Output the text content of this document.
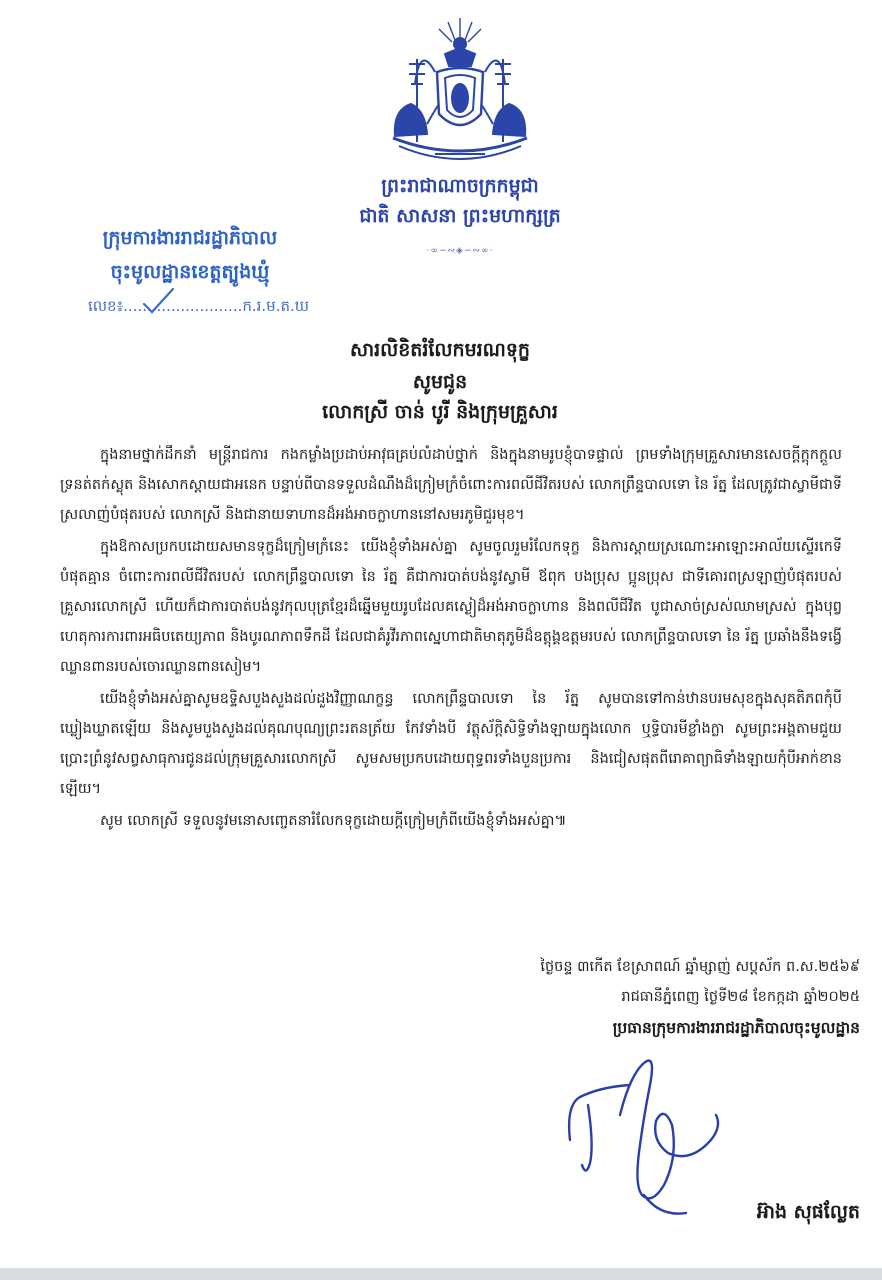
ព្រះរាជាណាចក្រកម្ពុជា
ជាតិ សាសនា ព្រះមហាក្សត្រ
·∞∽∾◈∽∾∞·
ក្រុមការងាររាជរដ្ឋាភិបាល
ចុះមូលដ្ឋានខេត្តត្បូងឃ្មុំ
លេខ៖.........................ក.រ.ម.ត.ឃ
សារលិខិតរំលែកមរណទុក្ខ
សូមជូន
លោកស្រី ចាន់ បូរី និងក្រុមគ្រួសារ

ក្នុងនាមថ្នាក់ដឹកនាំ មន្ត្រីរាជការ កងកម្លាំងប្រដាប់អាវុធគ្រប់លំដាប់ថ្នាក់ និងក្នុងនាមរូបខ្ញុំបាទផ្ទាល់ ព្រមទាំងក្រុមគ្រួសារមានសេចក្តីក្តុកក្តួល ទ្រនត់តក់ស្លុត និងសោកស្តាយជាអនេក បន្ទាប់ពីបានទទួលដំណឹងដ៏ក្រៀមក្រំចំពោះការពលីជីវិតរបស់ លោកព្រឹន្ទបាលទោ នៃ រ័ត្ន ដែលត្រូវជាស្វាមីជាទីស្រលាញ់បំផុតរបស់ លោកស្រី និងជានាយទាហានដ៏អង់អាចក្លាហាននៅសមរភូមិជួរមុខ។

ក្នុងឱកាសប្រកបដោយសមានទុក្ខដ៏ក្រៀមក្រំនេះ យើងខ្ញុំទាំងអស់គ្នា សូមចូលរួមរំលែកទុក្ខ និងការស្តាយស្រណោះអាឡោះអាល័យស្ទើរកេទីបំផុតគ្មាន ចំពោះការពលីជីវិតរបស់ លោកព្រឹន្ទបាលទោ នៃ រ័ត្ន គឺជាការបាត់បង់នូវស្វាមី ឪពុក បងប្រុស ប្អូនប្រុស ជាទីគោរពស្រឡាញ់បំផុតរបស់គ្រួសារលោកស្រី ហើយក៏ជាការបាត់បង់នូវកុលបុត្រខ្មែរដ៏ឆ្នើមមួយរូបដែលគស្ងៀដ៏អង់អាចក្លាហាន និងពលីជីវិត បូជាសាច់ស្រស់ឈាមស្រស់ ក្នុងបុព្វហេតុការការពារអធិបតេយ្យភាព និងបូរណភាពទឹកដី ដែលជាគំរូវីរភាពស្នេហាជាតិមាតុភូមិដ៏ឧត្តុង្គឧត្តមរបស់ លោកព្រឹន្ទបាលទោ នៃ រ័ត្ន ប្រឆាំងនឹងទង្វើឈ្លានពានរបស់ចោរឈ្លានពានសៀម។

យើងខ្ញុំទាំងអស់គ្នាសូមឧទ្ទិសបួងសួងដល់ដួងវិញ្ញាណក្ខន្ធ លោកព្រឹន្ទបាលទោ នៃ រ័ត្ន សូមបានទៅកាន់ឋានបរមសុខក្នុងសុគតិភពកុំបីឃ្លៀងឃ្លាតឡើយ និងសូមបួងសួងដល់គុណបុណ្យព្រះរតនត្រ័យ កែវទាំងបី វត្ថុស័ក្តិសិទ្ធិទាំងឡាយក្នុងលោក ឬទ្ធិបារមីខ្លាំងក្លា សូមព្រះអង្គតាមជួយប្រោះព្រំនូវសព្វសាធុការជូនដល់ក្រុមគ្រួសារលោកស្រី សូមសមប្រកបដោយពុទ្ធពរទាំងបួនប្រការ និងជៀសផុតពីរោគាព្យាធិទាំងឡាយកុំបីអាក់ខានឡើយ។

សូម លោកស្រី ទទួលនូវមនោសញ្ចេតនារំលែកទុក្ខដោយក្តីក្រៀមក្រំពីយើងខ្ញុំទាំងអស់គ្នា៕

ថ្ងៃចន្ទ ៣កើត ខែស្រាពណ៍ ឆ្នាំម្សាញ់ សប្តស័ក ព.ស.២៥៦៩
រាជធានីភ្នំពេញ ថ្ងៃទី២៨ ខែកក្កដា ឆ្នាំ២០២៥
ប្រធានក្រុមការងាររាជរដ្ឋាភិបាលចុះមូលដ្ឋាន
អ៊ាង សុផល្លែត
